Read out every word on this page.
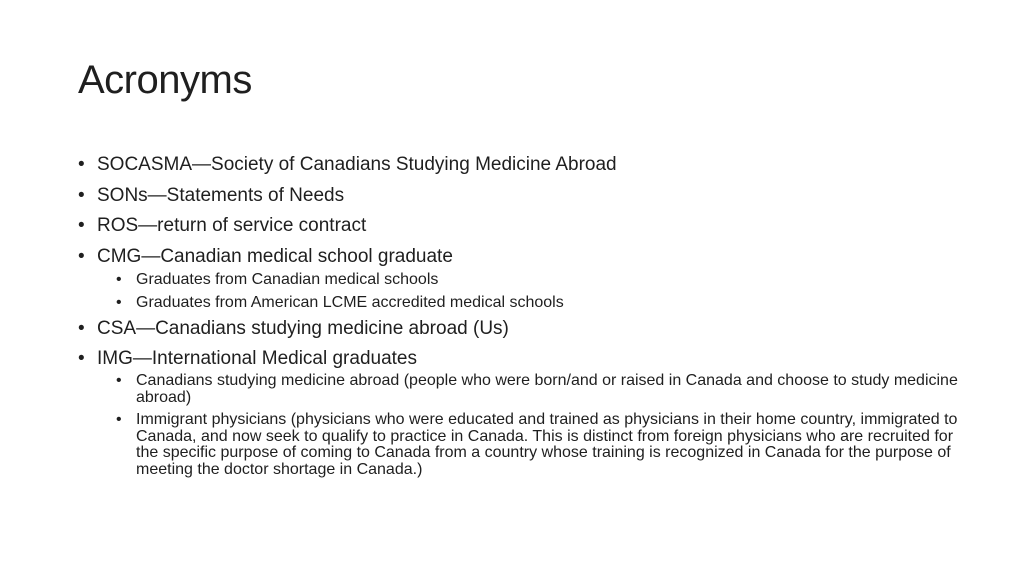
Acronyms
• SOCASMA—Society of Canadians Studying Medicine Abroad
• SONs—Statements of Needs
• ROS—return of service contract
• CMG—Canadian medical school graduate
• Graduates from Canadian medical schools
• Graduates from American LCME accredited medical schools
• CSA—Canadians studying medicine abroad (Us)
• IMG—International Medical graduates
• Canadians studying medicine abroad (people who were born/and or raised in Canada and choose to study medicine abroad)
• Immigrant physicians (physicians who were educated and trained as physicians in their home country, immigrated to Canada, and now seek to qualify to practice in Canada. This is distinct from foreign physicians who are recruited for the specific purpose of coming to Canada from a country whose training is recognized in Canada for the purpose of meeting the doctor shortage in Canada.)
